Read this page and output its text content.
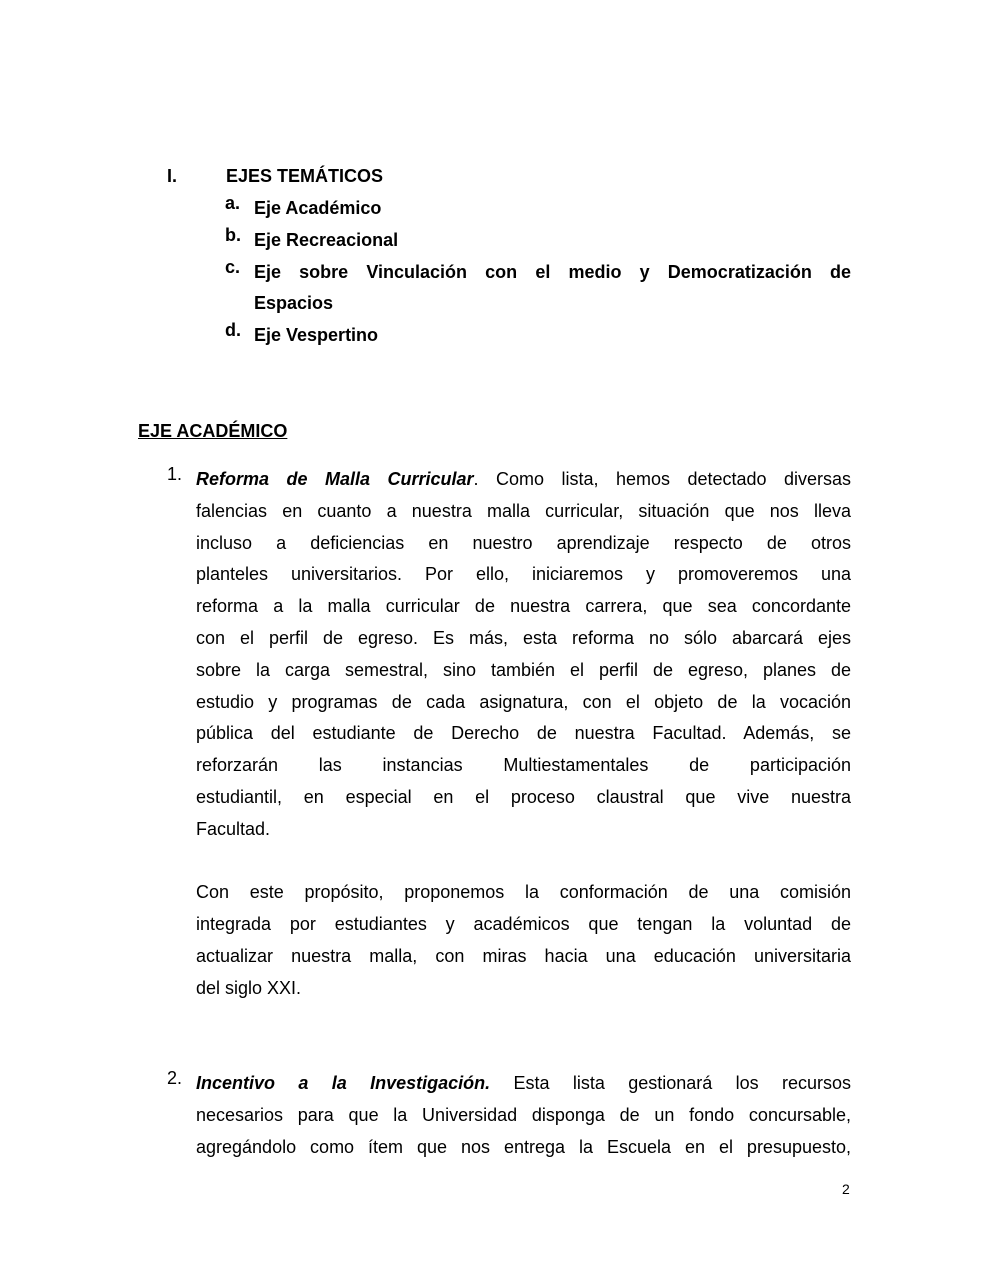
I.	EJES TEMÁTICOS
a. Eje Académico
b. Eje Recreacional
c. Eje sobre Vinculación con el medio y Democratización de
Espacios
d. Eje Vespertino
EJE ACADÉMICO
1. Reforma de Malla Curricular. Como lista, hemos detectado diversas
falencias en cuanto a nuestra malla curricular, situación que nos lleva
incluso a deficiencias en nuestro aprendizaje respecto de otros
planteles universitarios. Por ello, iniciaremos y promoveremos una
reforma a la malla curricular de nuestra carrera, que sea concordante
con el perfil de egreso. Es más, esta reforma no sólo abarcará ejes
sobre la carga semestral, sino también el perfil de egreso, planes de
estudio y programas de cada asignatura, con el objeto de la vocación
pública del estudiante de Derecho de nuestra Facultad. Además, se
reforzarán las instancias Multiestamentales de participación
estudiantil, en especial en el proceso claustral que vive nuestra
Facultad.
Con este propósito, proponemos la conformación de una comisión
integrada por estudiantes y académicos que tengan la voluntad de
actualizar nuestra malla, con miras hacia una educación universitaria
del siglo XXI.
2. Incentivo a la Investigación. Esta lista gestionará los recursos
necesarios para que la Universidad disponga de un fondo concursable,
agregándolo como ítem que nos entrega la Escuela en el presupuesto,
2
